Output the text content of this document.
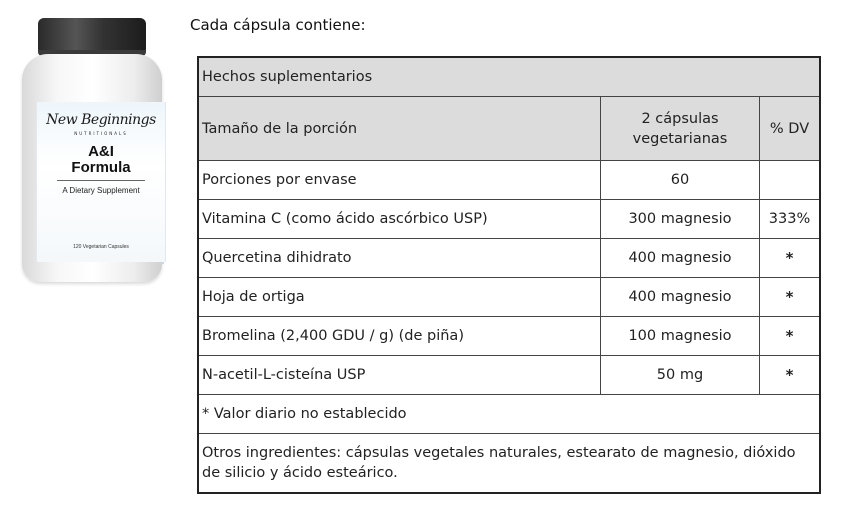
New Beginnings
NUTRITIONALS
A&I
Formula
A Dietary Supplement
120 Vegetarian Capsules
Cada cápsula contiene:
Hechos suplementarios		
Tamaño de la porción	2 cápsulas vegetarianas	% DV
Porciones por envase	60	
Vitamina C (como ácido ascórbico USP)	300 magnesio	333%
Quercetina dihidrato	400 magnesio	*
Hoja de ortiga	400 magnesio	*
Bromelina (2,400 GDU / g) (de piña)	100 magnesio	*
N-acetil-L-cisteína USP	50 mg	*
* Valor diario no establecido		
Otros ingredientes: cápsulas vegetales naturales, estearato de magnesio, dióxido de silicio y ácido esteárico.		
